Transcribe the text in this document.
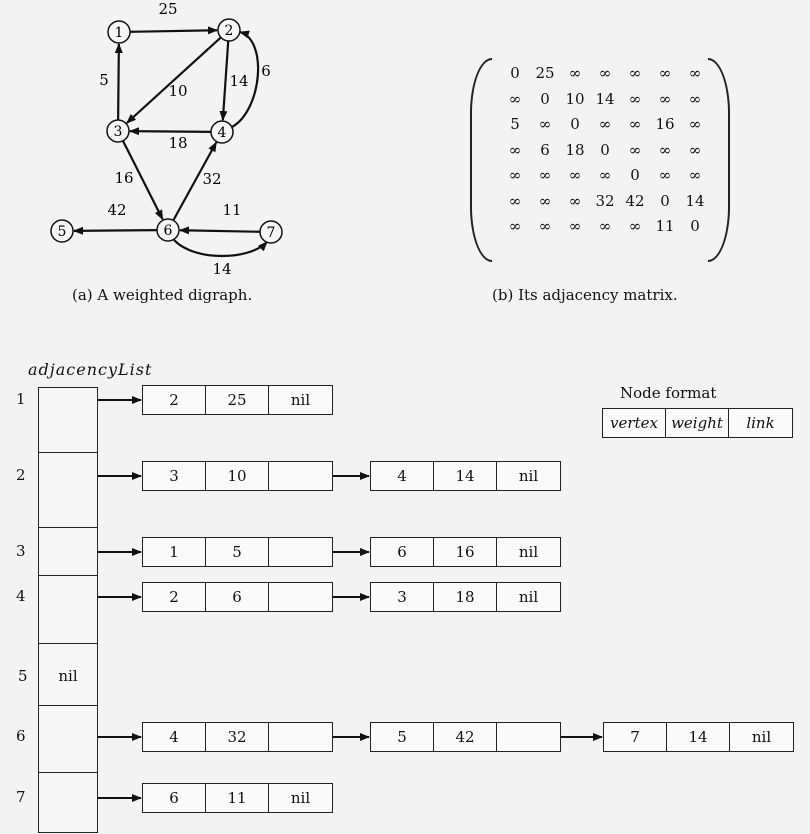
25
10
14
6
5
18
16	32
42	11
14
1	2
3	4
5	6	7
(a) A weighted digraph.
0	25 ∞	∞	∞	∞	∞
∞	0	10 14 ∞	∞	∞
5	∞	0	∞	∞ 16 ∞
∞	6	18	0	∞	∞	∞
∞	∞	∞	∞	0	∞	∞
∞	∞	∞ 32 42	0	14
∞	∞	∞	∞	∞ 11	0
(b) Its adjacency matrix.
adjacencyList
1	2	25	nil
2	3	10	4	14	nil
3	1	5	6	16	nil
4	2	6	3	18	nil
5	nil
6	4	32	5	42	7	14	nil
7	6	11	nil
Node format
vertex weight	link
